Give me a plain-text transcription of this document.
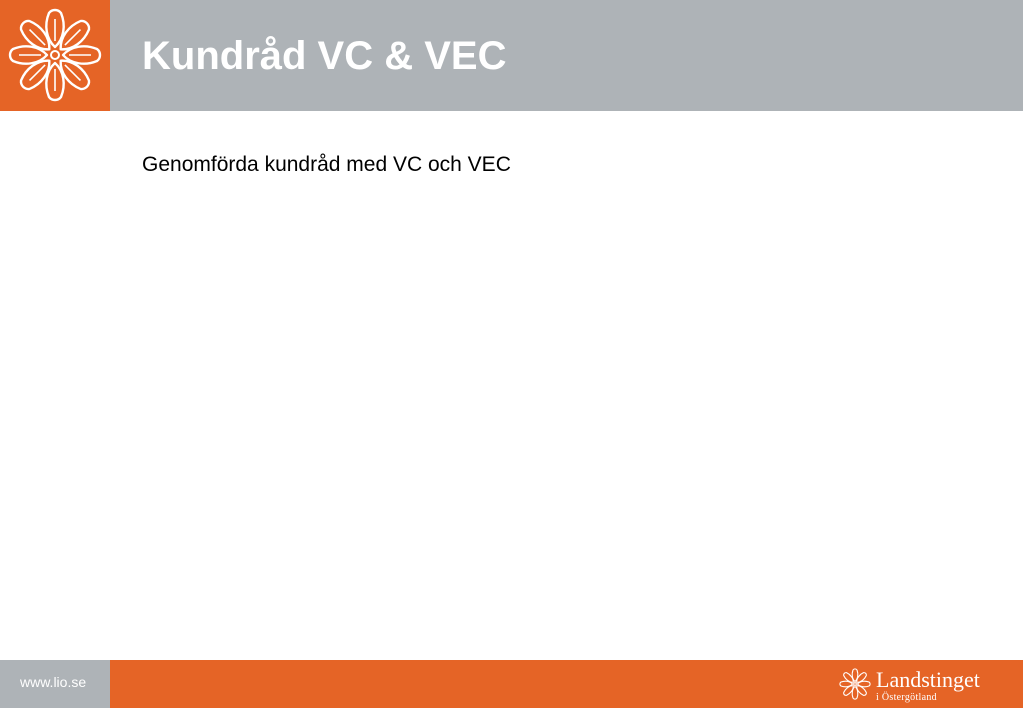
Kundråd VC & VEC
Genomförda kundråd med VC och VEC
www.lio.se	Landstinget
i Östergötland
